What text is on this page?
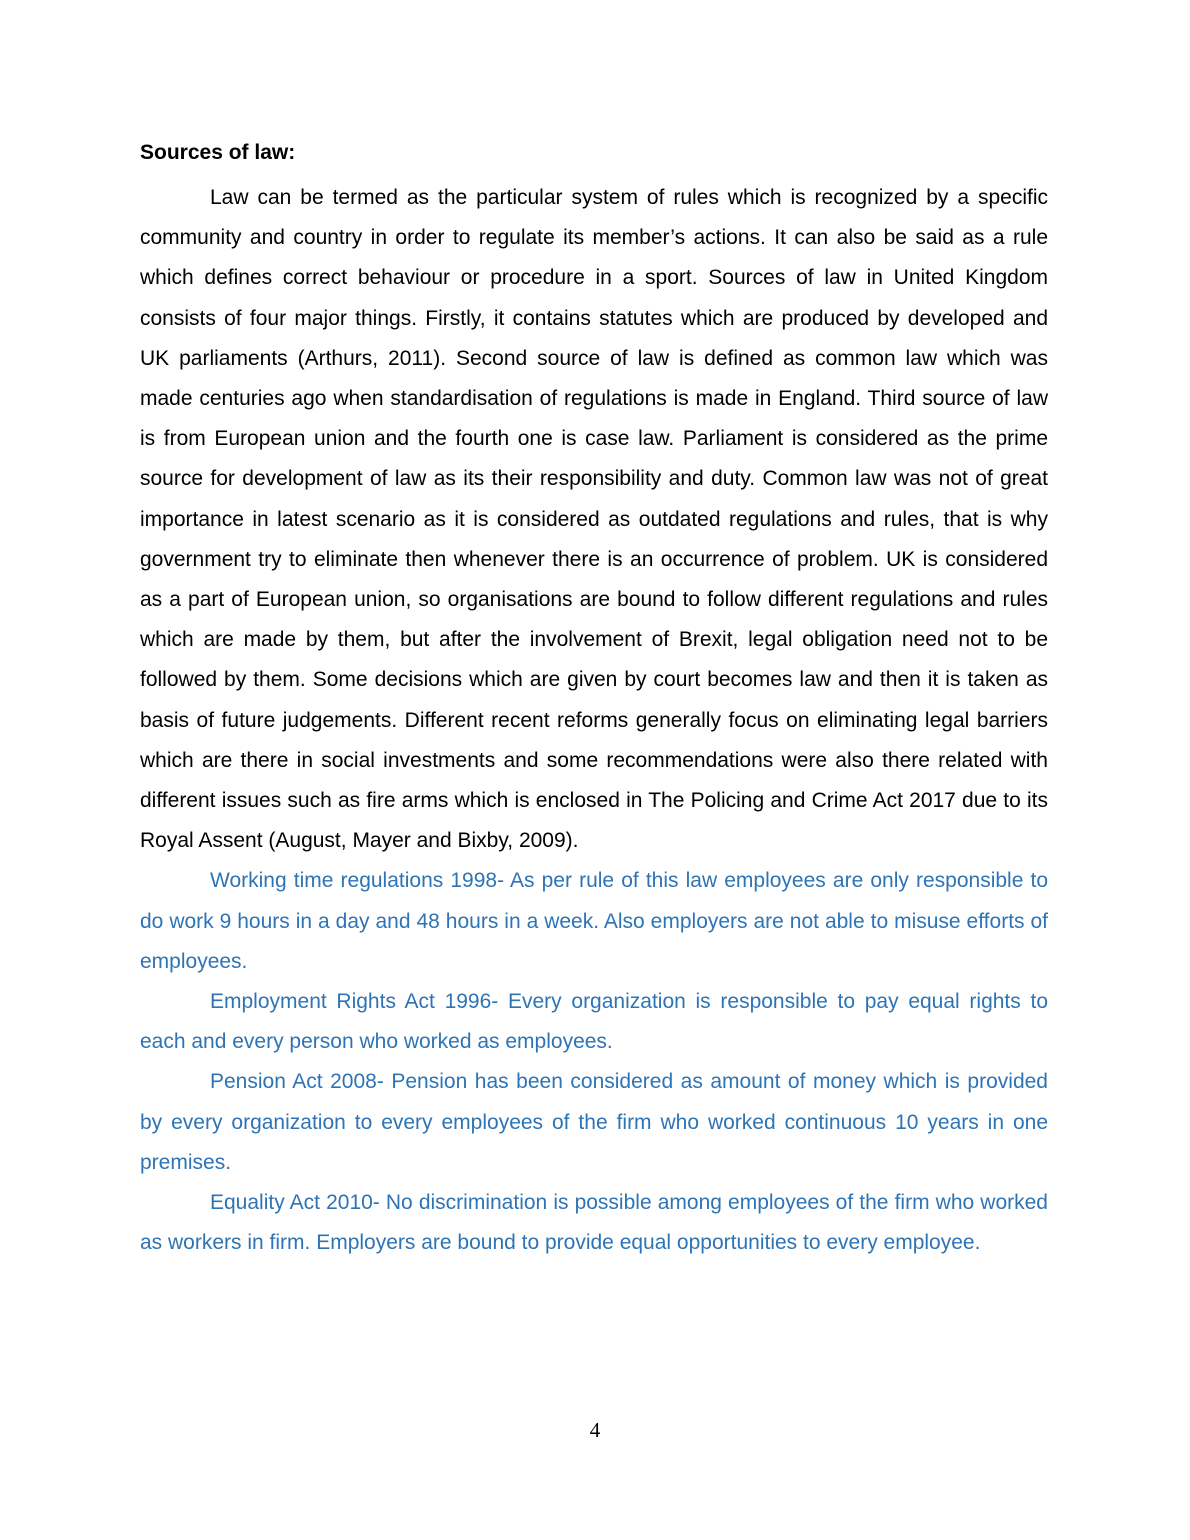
Sources of law:

Law can be termed as the particular system of rules which is recognized by a specific community and country in order to regulate its member’s actions. It can also be said as a rule which defines correct behaviour or procedure in a sport. Sources of law in United Kingdom consists of four major things. Firstly, it contains statutes which are produced by developed and UK parliaments (Arthurs, 2011). Second source of law is defined as common law which was made centuries ago when standardisation of regulations is made in England. Third source of law is from European union and the fourth one is case law. Parliament is considered as the prime source for development of law as its their responsibility and duty. Common law was not of great importance in latest scenario as it is considered as outdated regulations and rules, that is why government try to eliminate then whenever there is an occurrence of problem. UK is considered as a part of European union, so organisations are bound to follow different regulations and rules which are made by them, but after the involvement of Brexit, legal obligation need not to be followed by them. Some decisions which are given by court becomes law and then it is taken as basis of future judgements. Different recent reforms generally focus on eliminating legal barriers which are there in social investments and some recommendations were also there related with different issues such as fire arms which is enclosed in The Policing and Crime Act 2017 due to its Royal Assent (August, Mayer and Bixby, 2009).

Working time regulations 1998- As per rule of this law employees are only responsible to do work 9 hours in a day and 48 hours in a week. Also employers are not able to misuse efforts of employees.

Employment Rights Act 1996- Every organization is responsible to pay equal rights to each and every person who worked as employees.

Pension Act 2008- Pension has been considered as amount of money which is provided by every organization to every employees of the firm who worked continuous 10 years in one premises.

Equality Act 2010- No discrimination is possible among employees of the firm who worked as workers in firm. Employers are bound to provide equal opportunities to every employee.

4
